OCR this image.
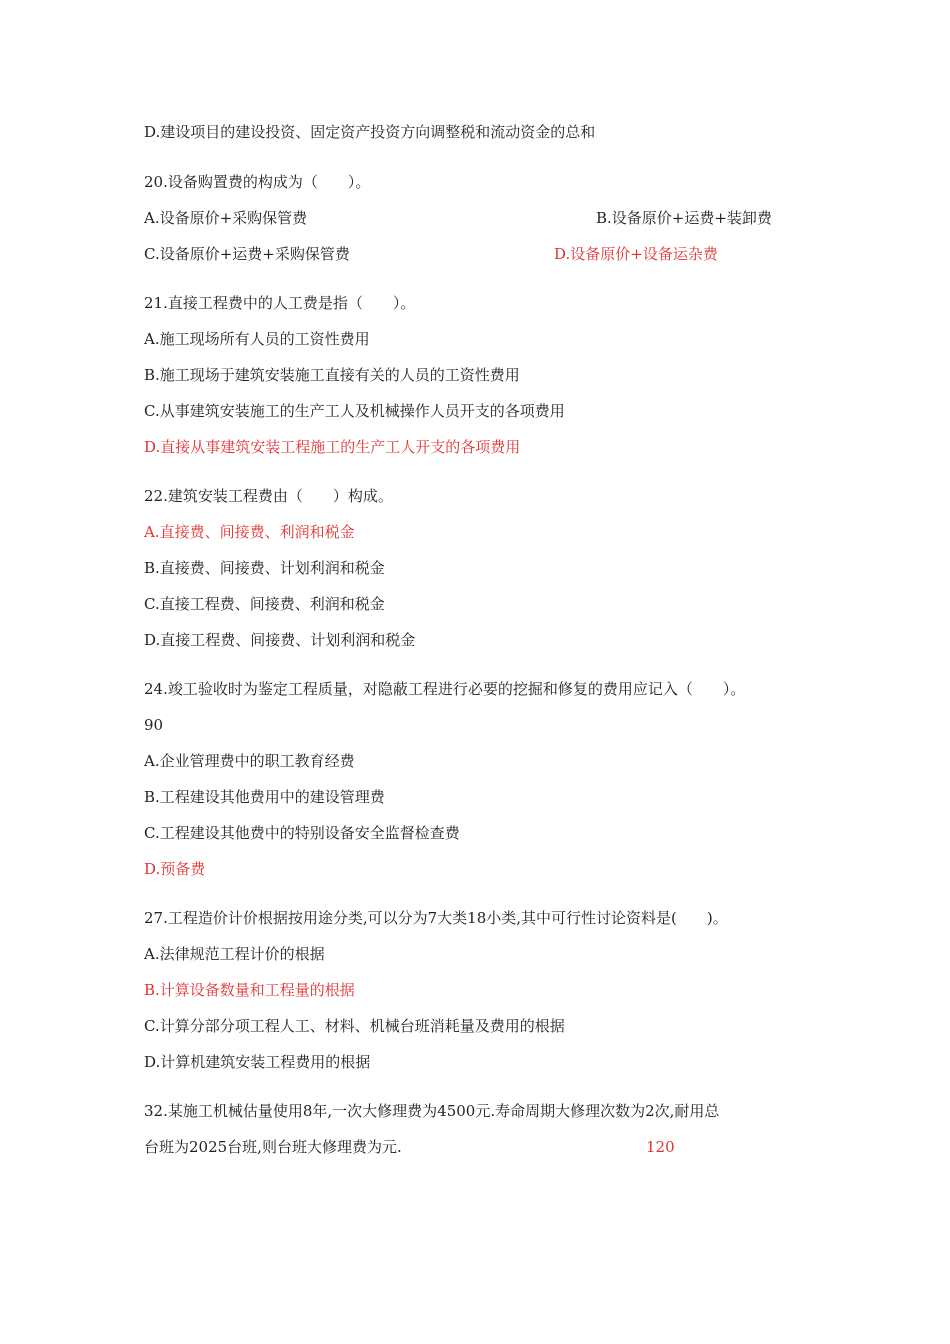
D.建设项目的建设投资、固定资产投资方向调整税和流动资金的总和
20.设备购置费的构成为（　　）。
A.设备原价+采购保管费	B.设备原价+运费+装卸费
C.设备原价+运费+采购保管费	D.设备原价+设备运杂费
21.直接工程费中的人工费是指（　　）。
A.施工现场所有人员的工资性费用
B.施工现场于建筑安装施工直接有关的人员的工资性费用
C.从事建筑安装施工的生产工人及机械操作人员开支的各项费用
D.直接从事建筑安装工程施工的生产工人开支的各项费用
22.建筑安装工程费由（　　）构成。
A.直接费、间接费、利润和税金
B.直接费、间接费、计划利润和税金
C.直接工程费、间接费、利润和税金
D.直接工程费、间接费、计划利润和税金
24.竣工验收时为鉴定工程质量，对隐蔽工程进行必要的挖掘和修复的费用应记入（　　）。
90
A.企业管理费中的职工教育经费
B.工程建设其他费用中的建设管理费
C.工程建设其他费中的特别设备安全监督检查费
D.预备费
27.工程造价计价根据按用途分类,可以分为7大类18小类,其中可行性讨论资料是(　　)。
A.法律规范工程计价的根据
B.计算设备数量和工程量的根据
C.计算分部分项工程人工、材料、机械台班消耗量及费用的根据
D.计算机建筑安装工程费用的根据
32.某施工机械估量使用8年,一次大修理费为4500元.寿命周期大修理次数为2次,耐用总
台班为2025台班,则台班大修理费为元.	120
